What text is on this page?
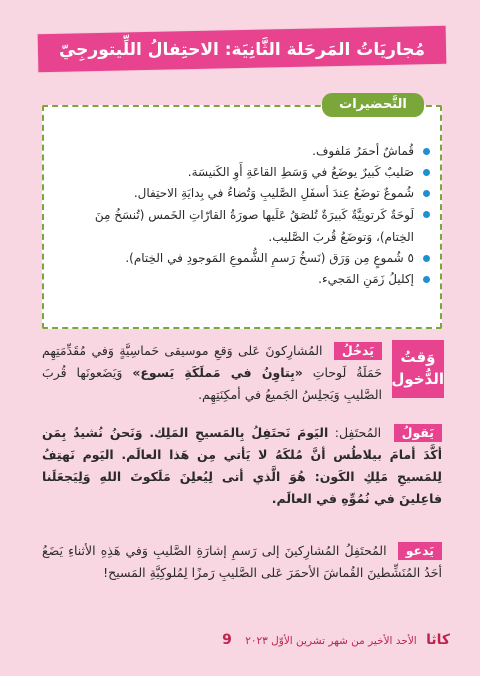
مُجاريَاتُ المَرحَلة الثَّانِيَة: الاحتِفالُ اللِّيتورجِيّ
التَّحضيرات
قُماشٌ أحمَرُ مَلفوف.
صَليبٌ كَبيرٌ يوضَعُ في وَسَطِ القاعَةِ أَوِ الكَنيسَة.
شُموعٌ توضَعُ عِندَ أسفَلِ الصَّليبِ وَتُضاءُ في بِدايَةِ الاحتِفال.
لَوحَةٌ كَرتونِيَّةٌ كَبيرَةٌ تُلصَقُ عَلَيها صورَةُ القارّاتِ الخَمس (تُنسَخُ مِنَ الخِتام)، وَتوضَعُ قُربَ الصَّليب.
٥ شُموعٍ مِن وَرَق (نَسخُ رَسمِ الشُّموعِ المَوجودِ في الخِتام).
إكليلُ زَمَنِ المَجيء.
وَقتُ
الدُّخول
يَدخُلُ المُشارِكونَ عَلى وَقعِ موسيقى حَماسِيَّةٍ وَفي مُقَدِّمَتِهِم حَمَلَةُ لَوحاتِ «بِتاوِنُ في مَملَكَةِ يَسوع» وَيَضَعونَها قُربَ الصَّليبِ وَيَجلِسُ الجَميعُ في أمكِنَتِهِم.
يَقولُ المُحتَفِل: اليَومَ نَحتَفِلُ بِالمَسيحِ المَلِك. وَنَحنُ نُشيدُ بِمَن أكَّدَ أمامَ بيلاطُس أنَّ مُلكَهُ لا يَأتي مِن هَذا العالَم. اليَوم نَهتِفُ لِلمَسيحِ مَلِكِ الكَون: هُوَ الَّذي أتى لِيُعلِنَ مَلَكوتَ اللهِ وَلِيَجعَلَنا فاعِلينَ في نُمُوِّهِ في العالَم.
يَدعو المُحتَفِلُ المُشارِكينَ إلى رَسمِ إشارَةِ الصَّليبِ وَفي هَذِهِ الأثناءِ يَضَعُ أحَدُ المُنَشِّطينَ القُماشَ الأحمَرَ عَلى الصَّليبِ رَمزًا لِمُلوكِيَّةِ المَسيح!
كاثا الأحد الأخير من شهر تشرين الأوّل ٢٠٢٣ 9
